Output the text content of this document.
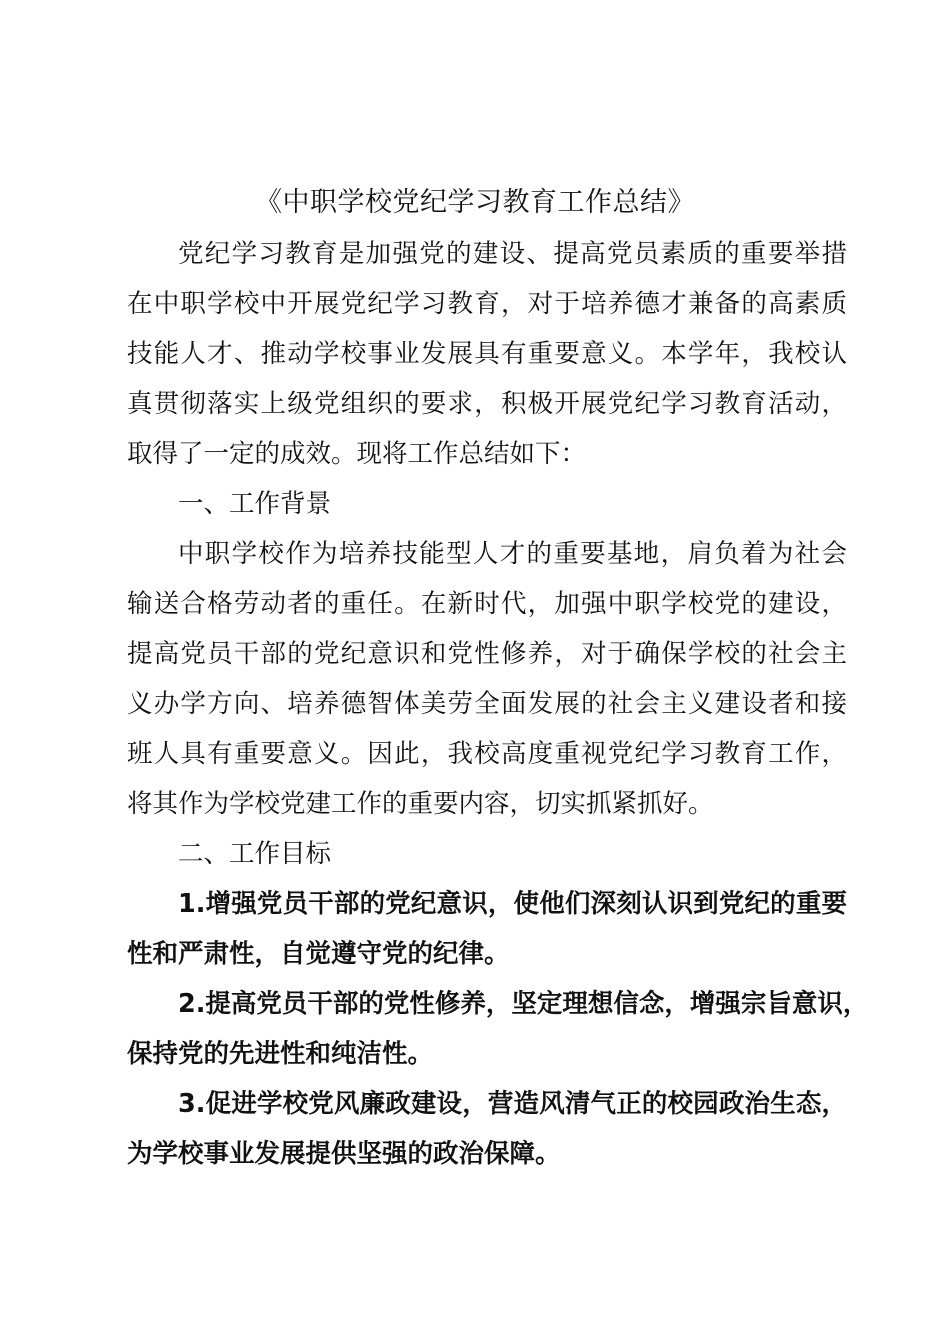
《中职学校党纪学习教育工作总结》
党纪学习教育是加强党的建设、提高党员素质的重要举措
在中职学校中开展党纪学习教育，对于培养德才兼备的高素质
技能人才、推动学校事业发展具有重要意义。本学年，我校认
真贯彻落实上级党组织的要求，积极开展党纪学习教育活动，
取得了一定的成效。现将工作总结如下：
一、工作背景
中职学校作为培养技能型人才的重要基地，肩负着为社会
输送合格劳动者的重任。在新时代，加强中职学校党的建设，
提高党员干部的党纪意识和党性修养，对于确保学校的社会主
义办学方向、培养德智体美劳全面发展的社会主义建设者和接
班人具有重要意义。因此，我校高度重视党纪学习教育工作，
将其作为学校党建工作的重要内容，切实抓紧抓好。
二、工作目标
1.增强党员干部的党纪意识，使他们深刻认识到党纪的重要
性和严肃性，自觉遵守党的纪律。
2.提高党员干部的党性修养，坚定理想信念，增强宗旨意识，
保持党的先进性和纯洁性。
3.促进学校党风廉政建设，营造风清气正的校园政治生态，
为学校事业发展提供坚强的政治保障。
